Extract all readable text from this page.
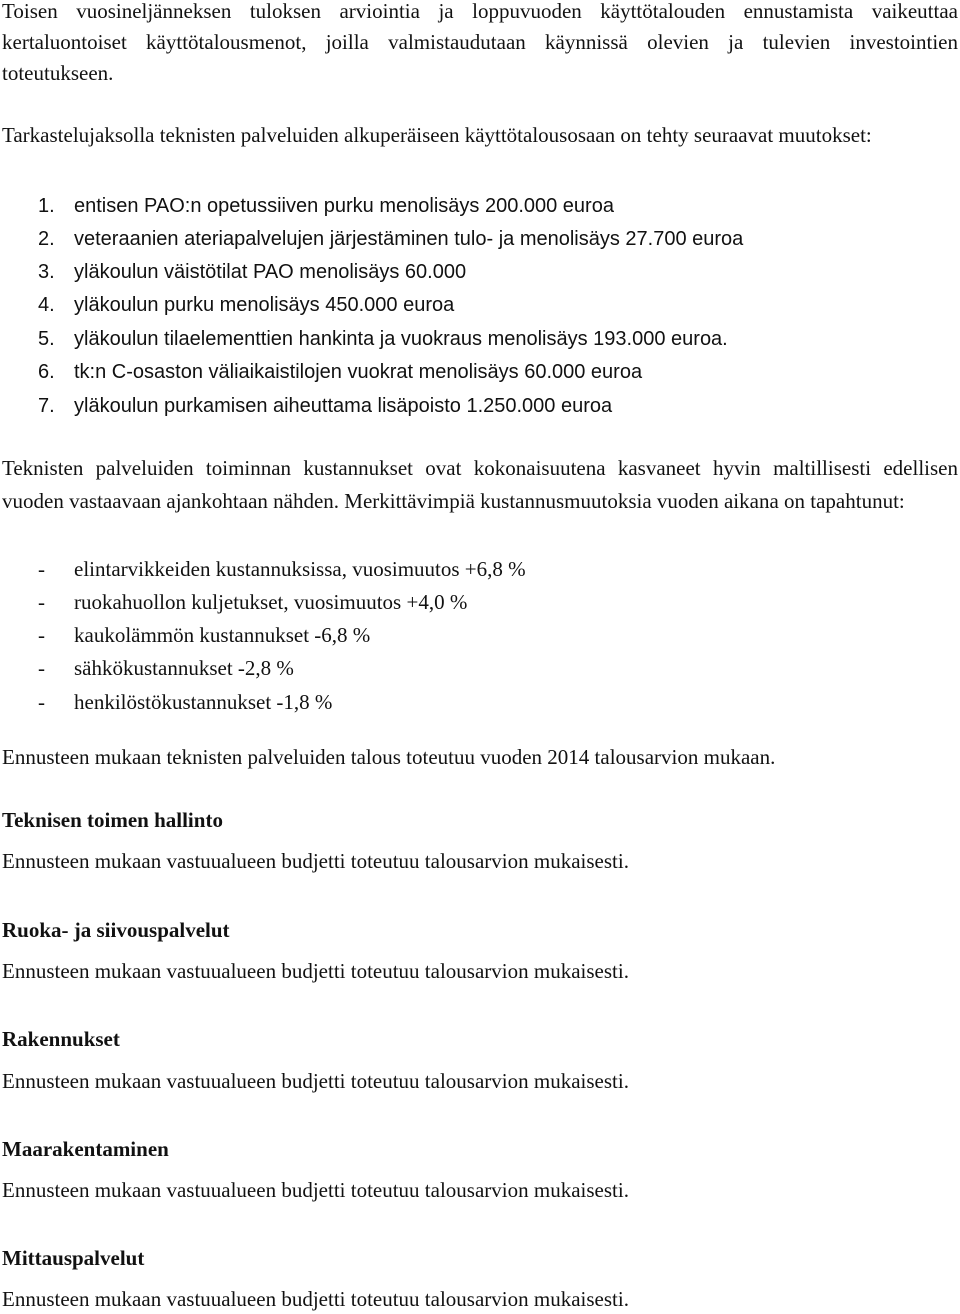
Toisen vuosineljänneksen tuloksen arviointia ja loppuvuoden käyttötalouden ennustamista vaikeuttaa kertaluontoiset käyttötalousmenot, joilla valmistaudutaan käynnissä olevien ja tulevien investointien toteutukseen.

Tarkastelujaksolla teknisten palveluiden alkuperäiseen käyttötalousosaan on tehty seuraavat muutokset:

1. entisen PAO:n opetussiiven purku menolisäys 200.000 euroa
2. veteraanien ateriapalvelujen järjestäminen tulo- ja menolisäys 27.700 euroa
3. yläkoulun väistötilat PAO menolisäys 60.000
4. yläkoulun purku menolisäys 450.000 euroa
5. yläkoulun tilaelementtien hankinta ja vuokraus menolisäys 193.000 euroa.
6. tk:n C-osaston väliaikaistilojen vuokrat menolisäys 60.000 euroa
7. yläkoulun purkamisen aiheuttama lisäpoisto 1.250.000 euroa

Teknisten palveluiden toiminnan kustannukset ovat kokonaisuutena kasvaneet hyvin maltillisesti edellisen vuoden vastaavaan ajankohtaan nähden. Merkittävimpiä kustannusmuutoksia vuoden aikana on tapahtunut:

- elintarvikkeiden kustannuksissa, vuosimuutos +6,8 %
- ruokahuollon kuljetukset, vuosimuutos +4,0 %
- kaukolämmön kustannukset -6,8 %
- sähkökustannukset -2,8 %
- henkilöstökustannukset -1,8 %
Ennusteen mukaan teknisten palveluiden talous toteutuu vuoden 2014 talousarvion mukaan.
Teknisen toimen hallinto
Ennusteen mukaan vastuualueen budjetti toteutuu talousarvion mukaisesti.
Ruoka- ja siivouspalvelut
Ennusteen mukaan vastuualueen budjetti toteutuu talousarvion mukaisesti.
Rakennukset
Ennusteen mukaan vastuualueen budjetti toteutuu talousarvion mukaisesti.
Maarakentaminen
Ennusteen mukaan vastuualueen budjetti toteutuu talousarvion mukaisesti.
Mittauspalvelut
Ennusteen mukaan vastuualueen budjetti toteutuu talousarvion mukaisesti.
